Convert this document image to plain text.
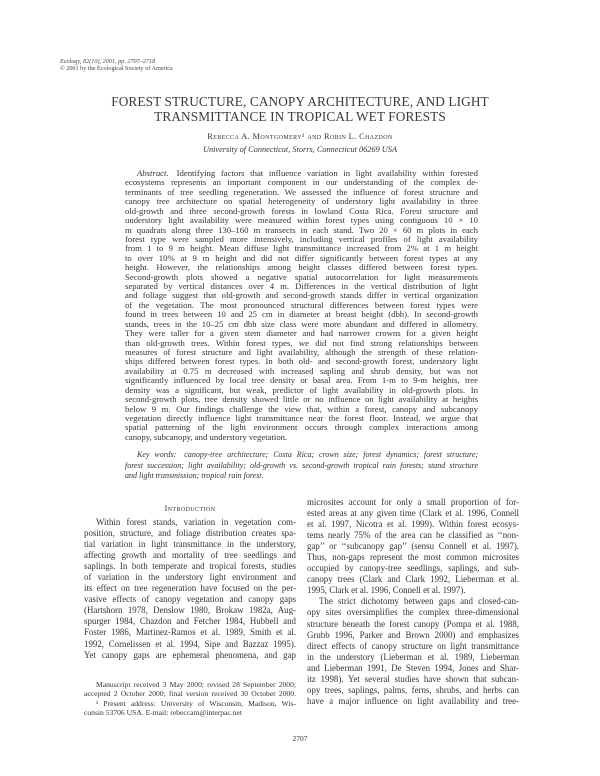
Ecology, 82(10), 2001, pp. 2707–2718
© 2001 by the Ecological Society of America
FOREST STRUCTURE, CANOPY ARCHITECTURE, AND LIGHT
TRANSMITTANCE IN TROPICAL WET FORESTS
Rebecca A. Montgomery¹ and Robin L. Chazdon
University of Connecticut, Storrs, Connecticut 06269 USA
Abstract. Identifying factors that influence variation in light availability within forested
ecosystems represents an important component in our understanding of the complex de-
terminants of tree seedling regeneration. We assessed the influence of forest structure and
canopy tree architecture on spatial heterogeneity of understory light availability in three
old-growth and three second-growth forests in lowland Costa Rica. Forest structure and
understory light availability were measured within forest types using contiguous 10 × 10
m quadrats along three 130–160 m transects in each stand. Two 20 × 60 m plots in each
forest type were sampled more intensively, including vertical profiles of light availability
from 1 to 9 m height. Mean diffuse light transmittance increased from 2% at 1 m height
to over 10% at 9 m height and did not differ significantly between forest types at any
height. However, the relationships among height classes differed between forest types.
Second-growth plots showed a negative spatial autocorrelation for light measurements
separated by vertical distances over 4 m. Differences in the vertical distribution of light
and foliage suggest that old-growth and second-growth stands differ in vertical organization
of the vegetation. The most pronounced structural differences between forest types were
found in trees between 10 and 25 cm in diameter at breast height (dbh). In second-growth
stands, trees in the 10–25 cm dbh size class were more abundant and differed in allometry.
They were taller for a given stem diameter and had narrower crowns for a given height
than old-growth trees. Within forest types, we did not find strong relationships between
measures of forest structure and light availability, although the strength of these relation-
ships differed between forest types. In both old- and second-growth forest, understory light
availability at 0.75 m decreased with increased sapling and shrub density, but was not
significantly influenced by local tree density or basal area. From 1-m to 9-m heights, tree
density was a significant, but weak, predictor of light availability in old-growth plots. In
second-growth plots, tree density showed little or no influence on light availability at heights
below 9 m. Our findings challenge the view that, within a forest, canopy and subcanopy
vegetation directly influence light transmittance near the forest floor. Instead, we argue that
spatial patterning of the light environment occurs through complex interactions among
canopy, subcanopy, and understory vegetation.
Key words: canopy-tree architecture; Costa Rica; crown size; forest dynamics; forest structure;
forest succession; light availability; old-growth vs. second-growth tropical rain forests; stand structure
and light transmission; tropical rain forest.
Introduction
Within forest stands, variation in vegetation com-
position, structure, and foliage distribution creates spa-
tial variation in light transmittance in the understory,
affecting growth and mortality of tree seedlings and
saplings. In both temperate and tropical forests, studies
of variation in the understory light environment and
its effect on tree regeneration have focused on the per-
vasive effects of canopy vegetation and canopy gaps
(Hartshorn 1978, Denslow 1980, Brokaw 1982a, Aug-
spurger 1984, Chazdon and Fetcher 1984, Hubbell and
Foster 1986, Martinez-Ramos et al. 1989, Smith et al.
1992, Cornelissen et al. 1994, Sipe and Bazzaz 1995).
Yet canopy gaps are ephemeral phenomena, and gap
microsites account for only a small proportion of for-
ested areas at any given time (Clark et al. 1996, Connell
et al. 1997, Nicotra et al. 1999). Within forest ecosys-
tems nearly 75% of the area can be classified as ‘‘non-
gap’’ or ‘‘subcanopy gap’’ (sensu Connell et al. 1997).
Thus, non-gaps represent the most common microsites
occupied by canopy-tree seedlings, saplings, and sub-
canopy trees (Clark and Clark 1992, Lieberman et al.
1995, Clark et al. 1996, Connell et al. 1997).
The strict dichotomy between gaps and closed-can-
opy sites oversimplifies the complex three-dimensional
structure beneath the forest canopy (Pompa et al. 1988,
Grubb 1996, Parker and Brown 2000) and emphasizes
direct effects of canopy structure on light transmittance
in the understory (Lieberman et al. 1989, Lieberman
and Lieberman 1991, De Steven 1994, Jones and Shar-
itz 1998). Yet several studies have shown that subcan-
opy trees, saplings, palms, ferns, shrubs, and herbs can
have a major influence on light availability and tree-
Manuscript received 3 May 2000; revised 28 September 2000;
accepted 2 October 2000; final version received 30 October 2000.
¹ Present address: University of Wisconsin, Madison, Wis-
consin 53706 USA. E-mail: rebeccam@interpac.net
2707
